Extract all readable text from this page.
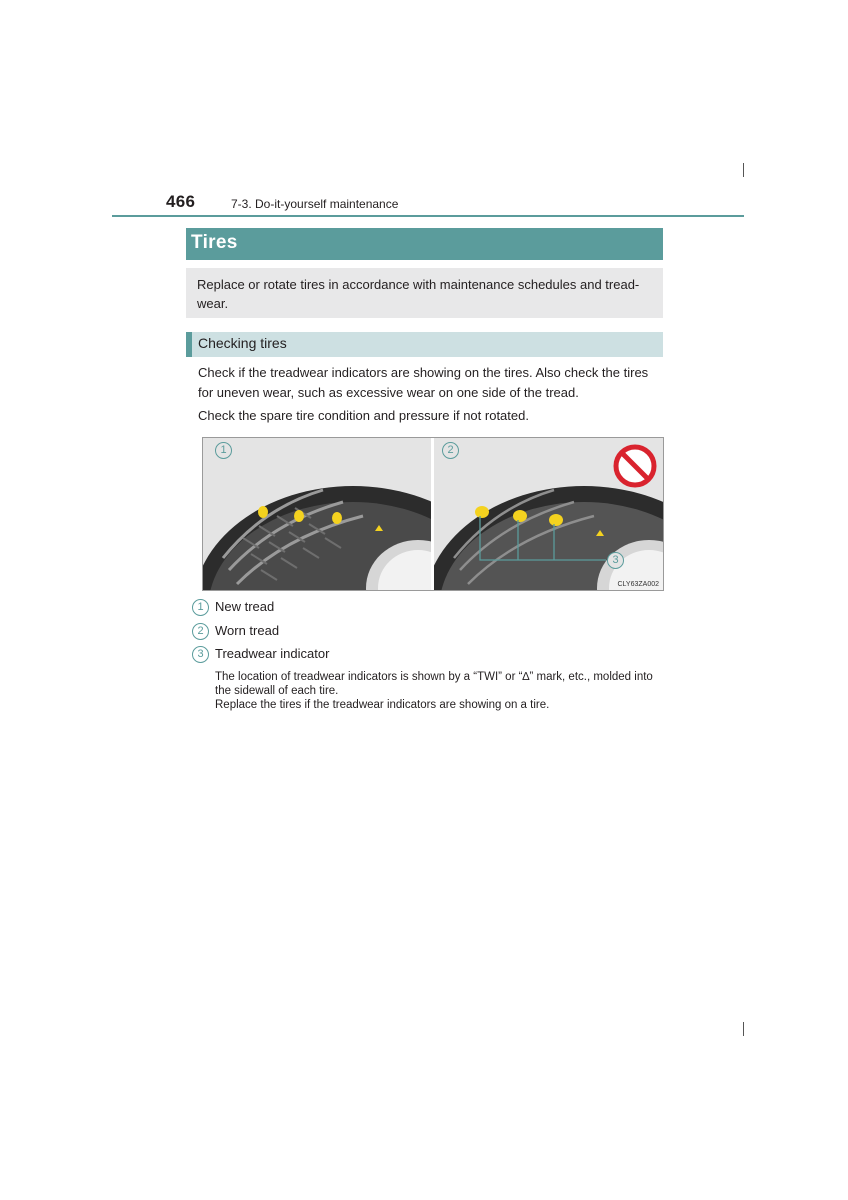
466	7-3. Do-it-yourself maintenance
Tires
Replace or rotate tires in accordance with maintenance schedules and tread-wear.
Checking tires
Check if the treadwear indicators are showing on the tires. Also check the tires for uneven wear, such as excessive wear on one side of the tread.
Check the spare tire condition and pressure if not rotated.
1	2
3
CLY63ZA002
1 New tread
2 Worn tread
3 Treadwear indicator

The location of treadwear indicators is shown by a “TWI” or “∆” mark, etc., molded into the sidewall of each tire.

Replace the tires if the treadwear indicators are showing on a tire.
